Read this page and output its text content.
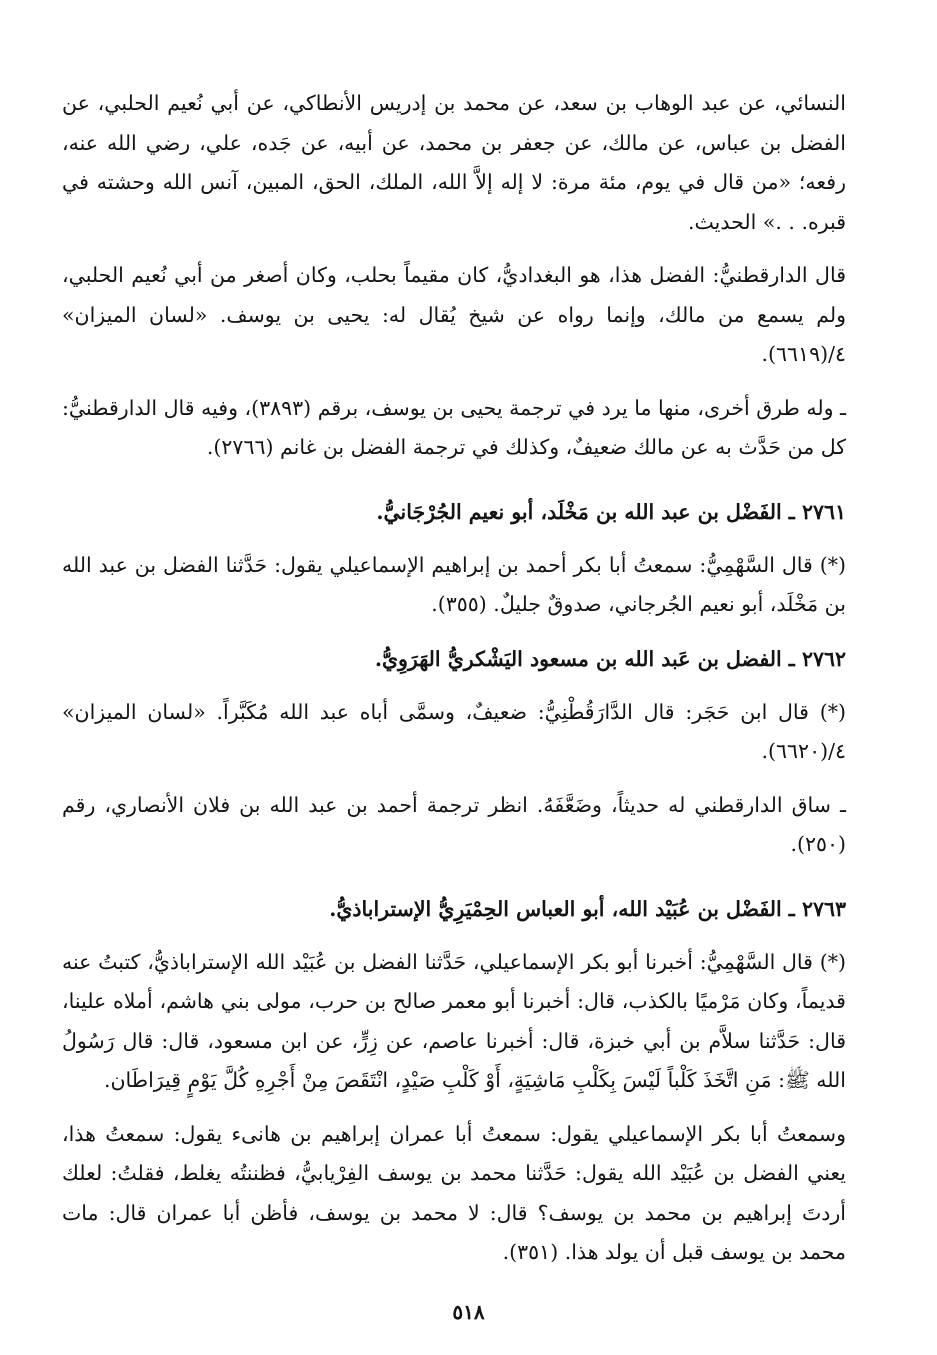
النسائي، عن عبد الوهاب بن سعد، عن محمد بن إدريس الأنطاكي، عن أبي نُعيم الحلبي، عن الفضل بن عباس، عن مالك، عن جعفر بن محمد، عن أبيه، عن جَده، علي، رضي الله عنه، رفعه؛ «من قال في يوم، مئة مرة: لا إله إلاَّ الله، الملك، الحق، المبين، آنس الله وحشته في قبره. . .» الحديث.

قال الدارقطنيُّ: الفضل هذا، هو البغداديُّ، كان مقيماً بحلب، وكان أصغر من أبي نُعيم الحلبي، ولم يسمع من مالك، وإنما رواه عن شيخ يُقال له: يحيى بن يوسف. «لسان الميزان» ٤/(٦٦١٩).

ـ وله طرق أخرى، منها ما يرد في ترجمة يحيى بن يوسف، برقم (٣٨٩٣)، وفيه قال الدارقطنيُّ: كل من حَدَّث به عن مالك ضعيفٌ، وكذلك في ترجمة الفضل بن غانم (٢٧٦٦).

٢٧٦١ ـ الفَضْل بن عبد الله بن مَخْلَد، أبو نعيم الجُرْجَانيُّ.

(*) قال السَّهْمِيُّ: سمعتُ أبا بكر أحمد بن إبراهيم الإسماعيلي يقول: حَدَّثنا الفضل بن عبد الله بن مَخْلَد، أبو نعيم الجُرجاني، صدوقٌ جليلٌ. (٣٥٥).

٢٧٦٢ ـ الفضل بن عَبد الله بن مسعود اليَشْكريُّ الهَرَوِيُّ.

(*) قال ابن حَجَر: قال الدَّارَقُطْنِيُّ: ضعيفٌ، وسمَّى أباه عبد الله مُكَبَّراً. «لسان الميزان» ٤/(٦٦٢٠).

ـ ساق الدارقطني له حديثاً، وضَعَّفَهُ. انظر ترجمة أحمد بن عبد الله بن فلان الأنصاري، رقم (٢٥٠).

٢٧٦٣ ـ الفَضْل بن عُبَيْد الله، أبو العباس الحِمْيَرِيُّ الإستراباذيُّ.

(*) قال السَّهْمِيُّ: أخبرنا أبو بكر الإسماعيلي، حَدَّثنا الفضل بن عُبَيْد الله الإستراباذيُّ، كتبتُ عنه قديماً، وكان مَرْميًا بالكذب، قال: أخبرنا أبو معمر صالح بن حرب، مولى بني هاشم، أملاه علينا، قال: حَدَّثنا سلاَّم بن أبي خبزة، قال: أخبرنا عاصم، عن زِرٍّ، عن ابن مسعود، قال: قال رَسُولُ الله ﷺ: مَنِ اتَّخَذَ كَلْباً لَيْسَ بِكَلْبِ مَاشِيَةٍ، أَوْ كَلْبِ صَيْدٍ، انْتَقَصَ مِنْ أَجْرِهِ كُلَّ يَوْمٍ قِيرَاطَان.

وسمعتُ أبا بكر الإسماعيلي يقول: سمعتُ أبا عمران إبراهيم بن هانىء يقول: سمعتُ هذا، يعني الفضل بن عُبَيْد الله يقول: حَدَّثنا محمد بن يوسف الفِرْيابيُّ، فظننتُه يغلط، فقلتُ: لعلك أردتَ إبراهيم بن محمد بن يوسف؟ قال: لا محمد بن يوسف، فأظن أبا عمران قال: مات محمد بن يوسف قبل أن يولد هذا. (٣٥١).

٥١٨
